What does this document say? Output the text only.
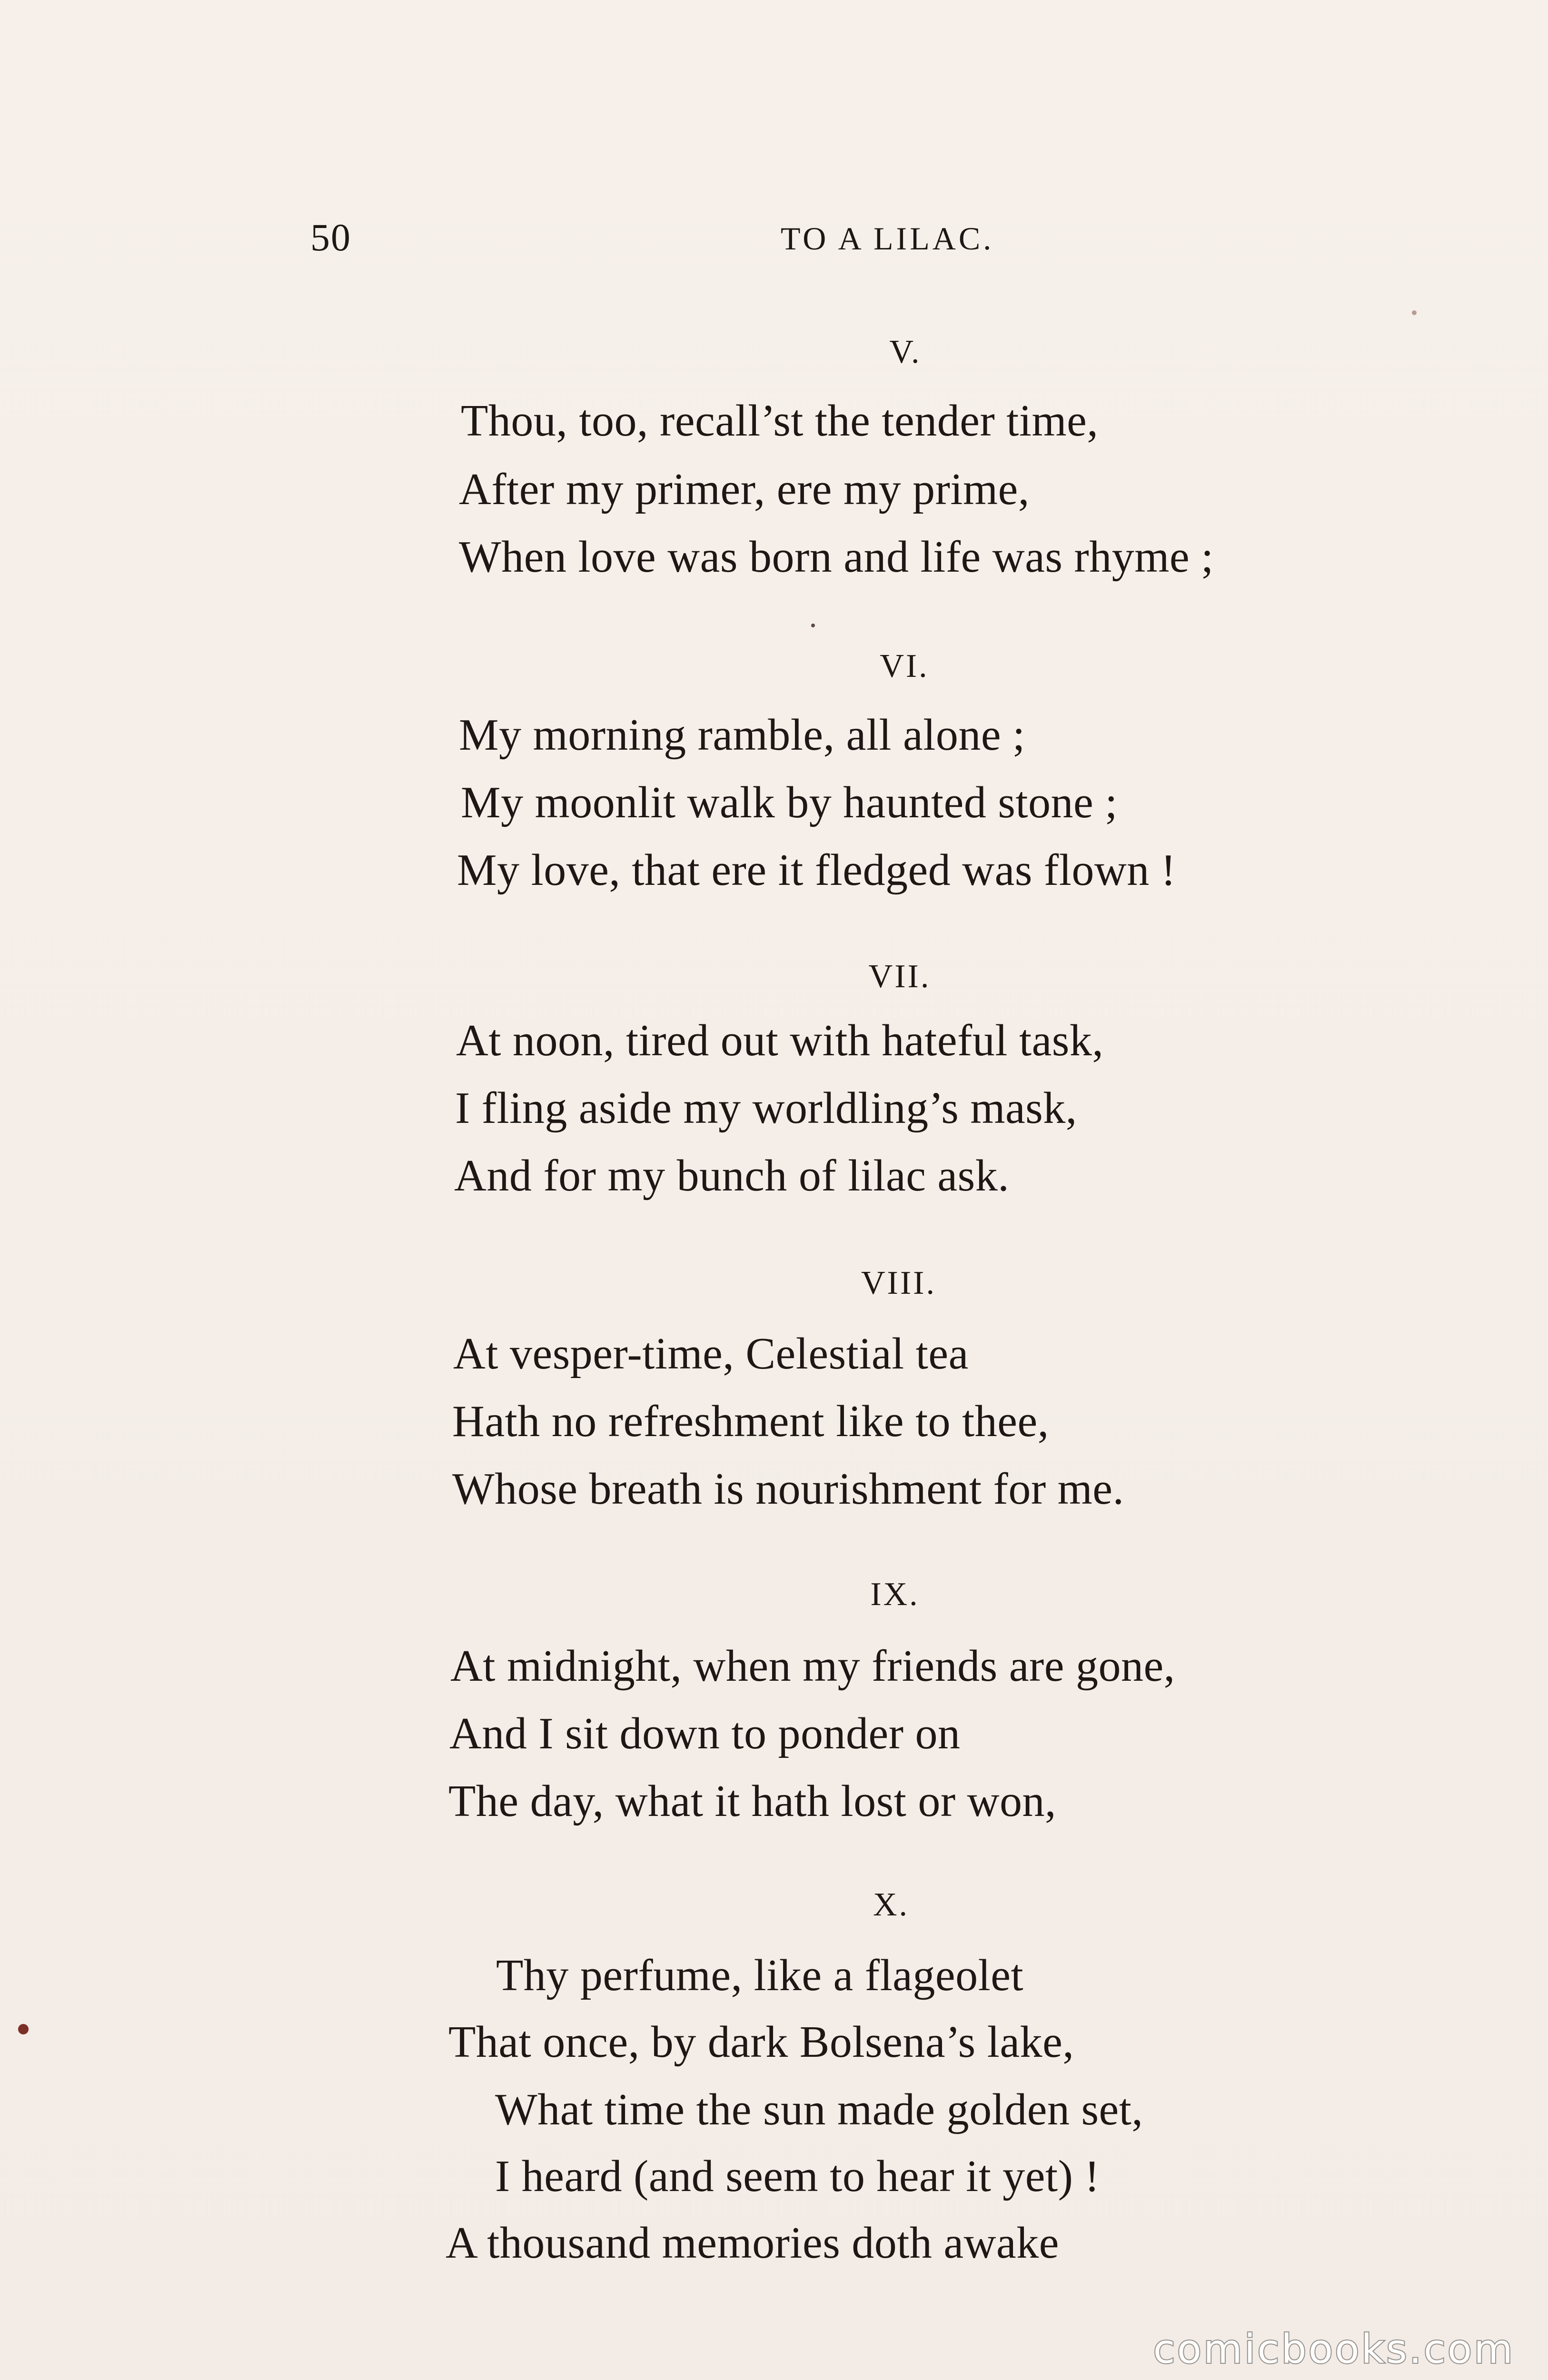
50	TO A LILAC.
V.
Thou, too, recall’st the tender time,
After my primer, ere my prime,
When love was born and life was rhyme ;
VI.
My morning ramble, all alone ;
My moonlit walk by haunted stone ;
My love, that ere it fledged was flown !
VII.
At noon, tired out with hateful task,
I fling aside my worldling’s mask,
And for my bunch of lilac ask.
VIII.
At vesper-time, Celestial tea
Hath no refreshment like to thee,
Whose breath is nourishment for me.
IX.
At midnight, when my friends are gone,
And I sit down to ponder on
The day, what it hath lost or won,
X.
Thy perfume, like a flageolet
That once, by dark Bolsena’s lake,
What time the sun made golden set,
I heard (and seem to hear it yet) !
A thousand memories doth awake
comicbooks.com
